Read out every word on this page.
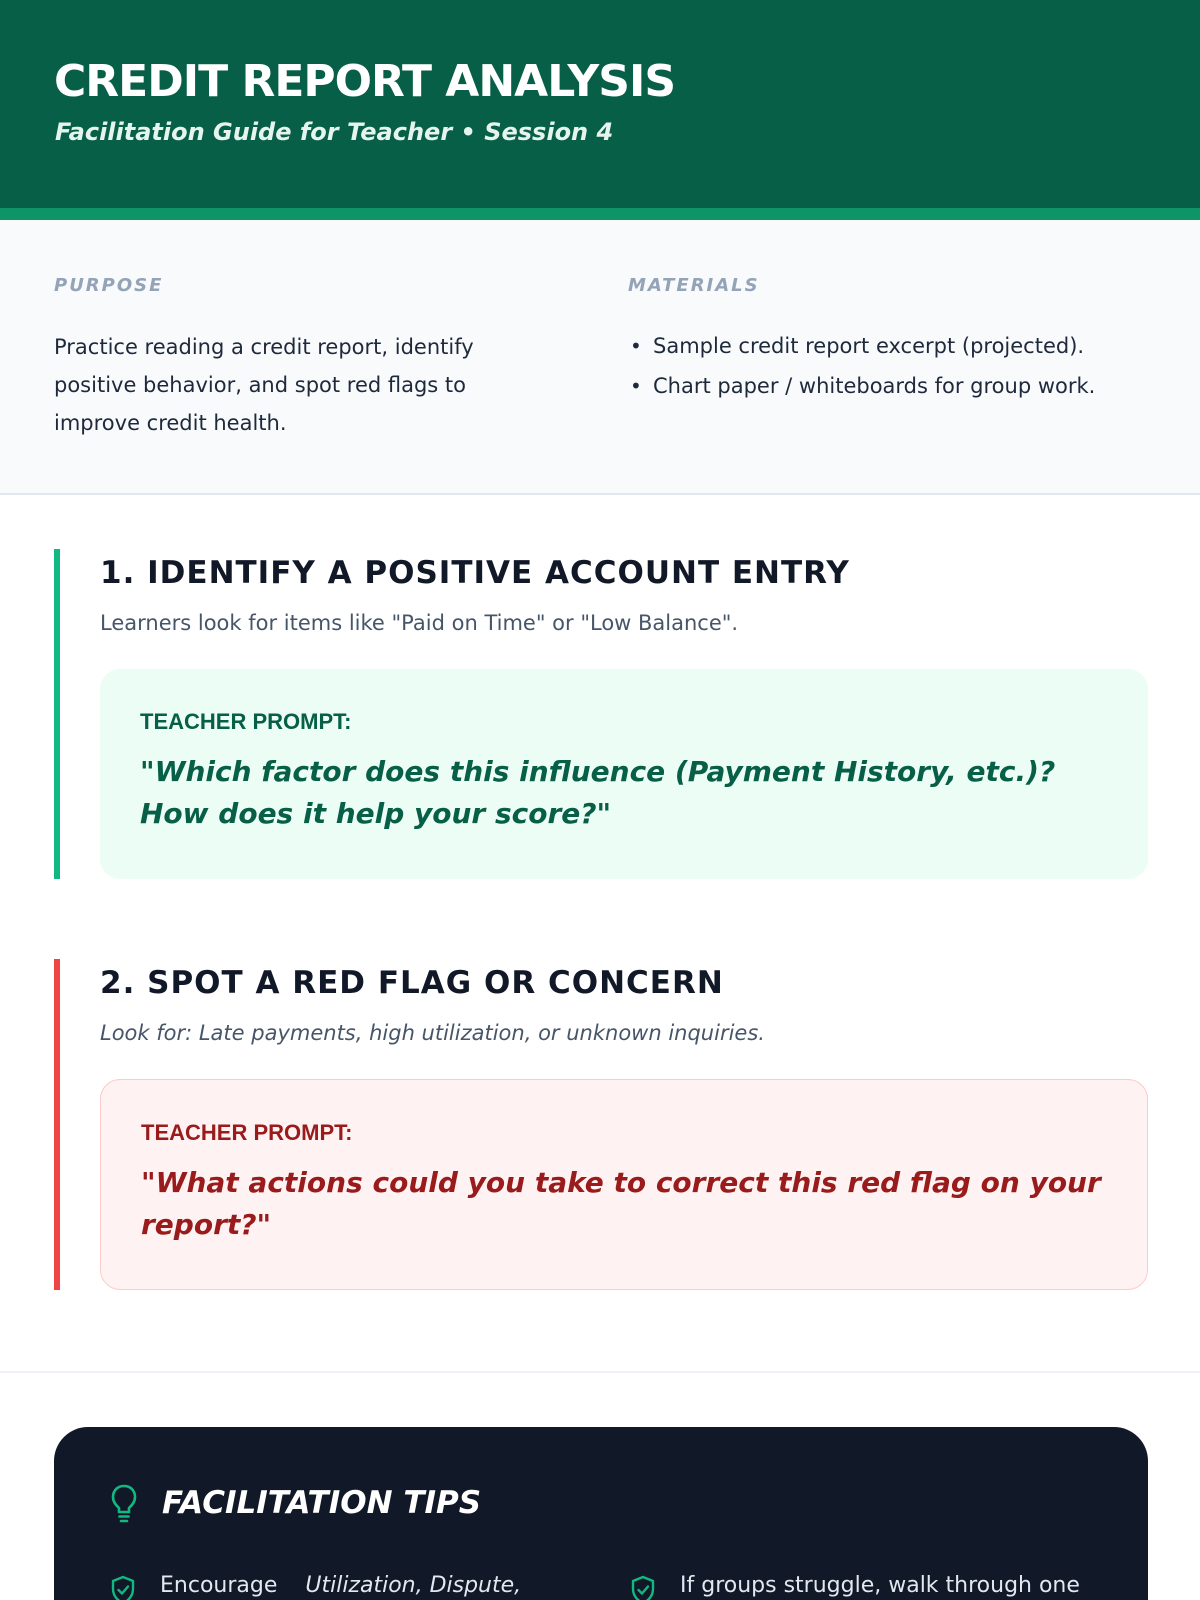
CREDIT REPORT ANALYSIS
Facilitation Guide for Teacher • Session 4
PURPOSE
Practice reading a credit report, identify positive behavior, and spot red flags to improve credit health.
MATERIALS
• Sample credit report excerpt (projected).
• Chart paper / whiteboards for group work.
1. IDENTIFY A POSITIVE ACCOUNT ENTRY
Learners look for items like "Paid on Time" or "Low Balance".
TEACHER PROMPT:
"Which factor does this influence (Payment History, etc.)? How does it help your score?"
2. SPOT A RED FLAG OR CONCERN
Look for: Late payments, high utilization, or unknown inquiries.
TEACHER PROMPT:
"What actions could you take to correct this red flag on your report?"
FACILITATION TIPS
Encourage Utilization, Dispute,	If groups struggle, walk through one
